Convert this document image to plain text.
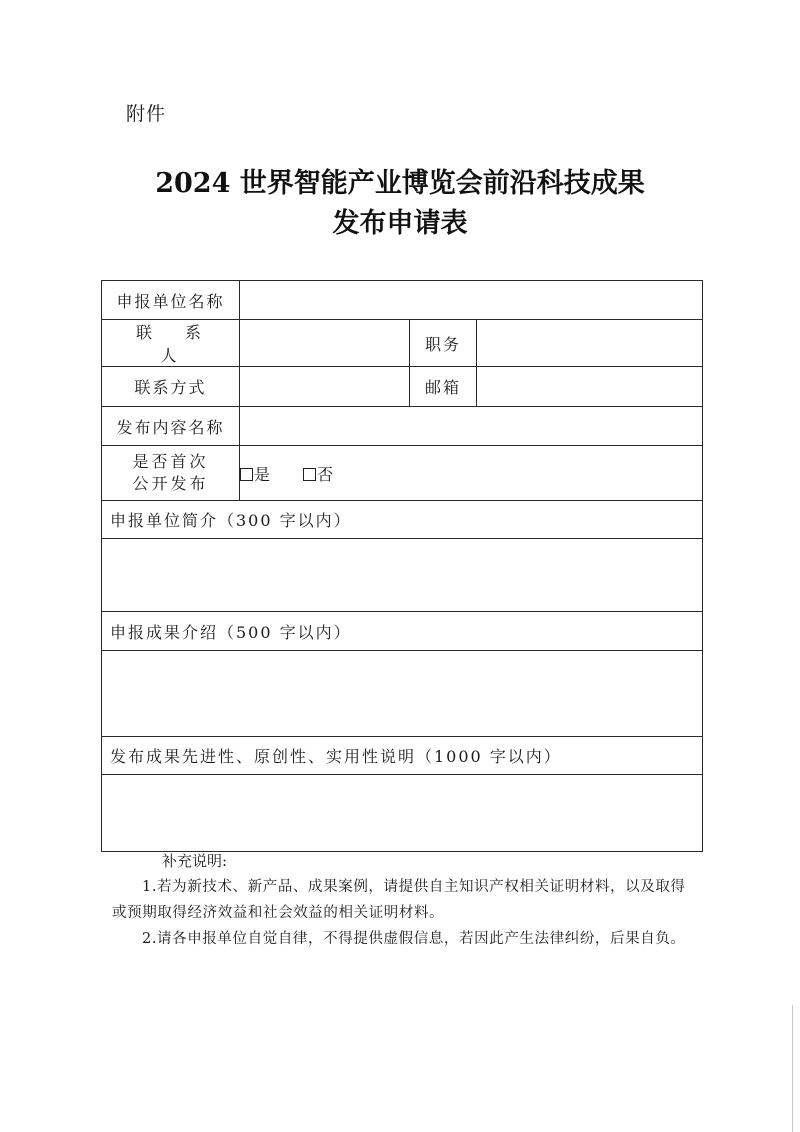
附件
2024 世界智能产业博览会前沿科技成果
发布申请表
申报单位名称			

联 系 人		职务	

联系方式		邮箱	

发布内容名称			

是否首次
公开发布	是 否		
申报单位简介（300 字以内）			

申报成果介绍（500 字以内）			

发布成果先进性、原创性、实用性说明（1000 字以内）			

补充说明:

1.若为新技术、新产品、成果案例，请提供自主知识产权相关证明材料，以及取得或预期取得经济效益和社会效益的相关证明材料。

2.请各申报单位自觉自律，不得提供虚假信息，若因此产生法律纠纷，后果自负。
